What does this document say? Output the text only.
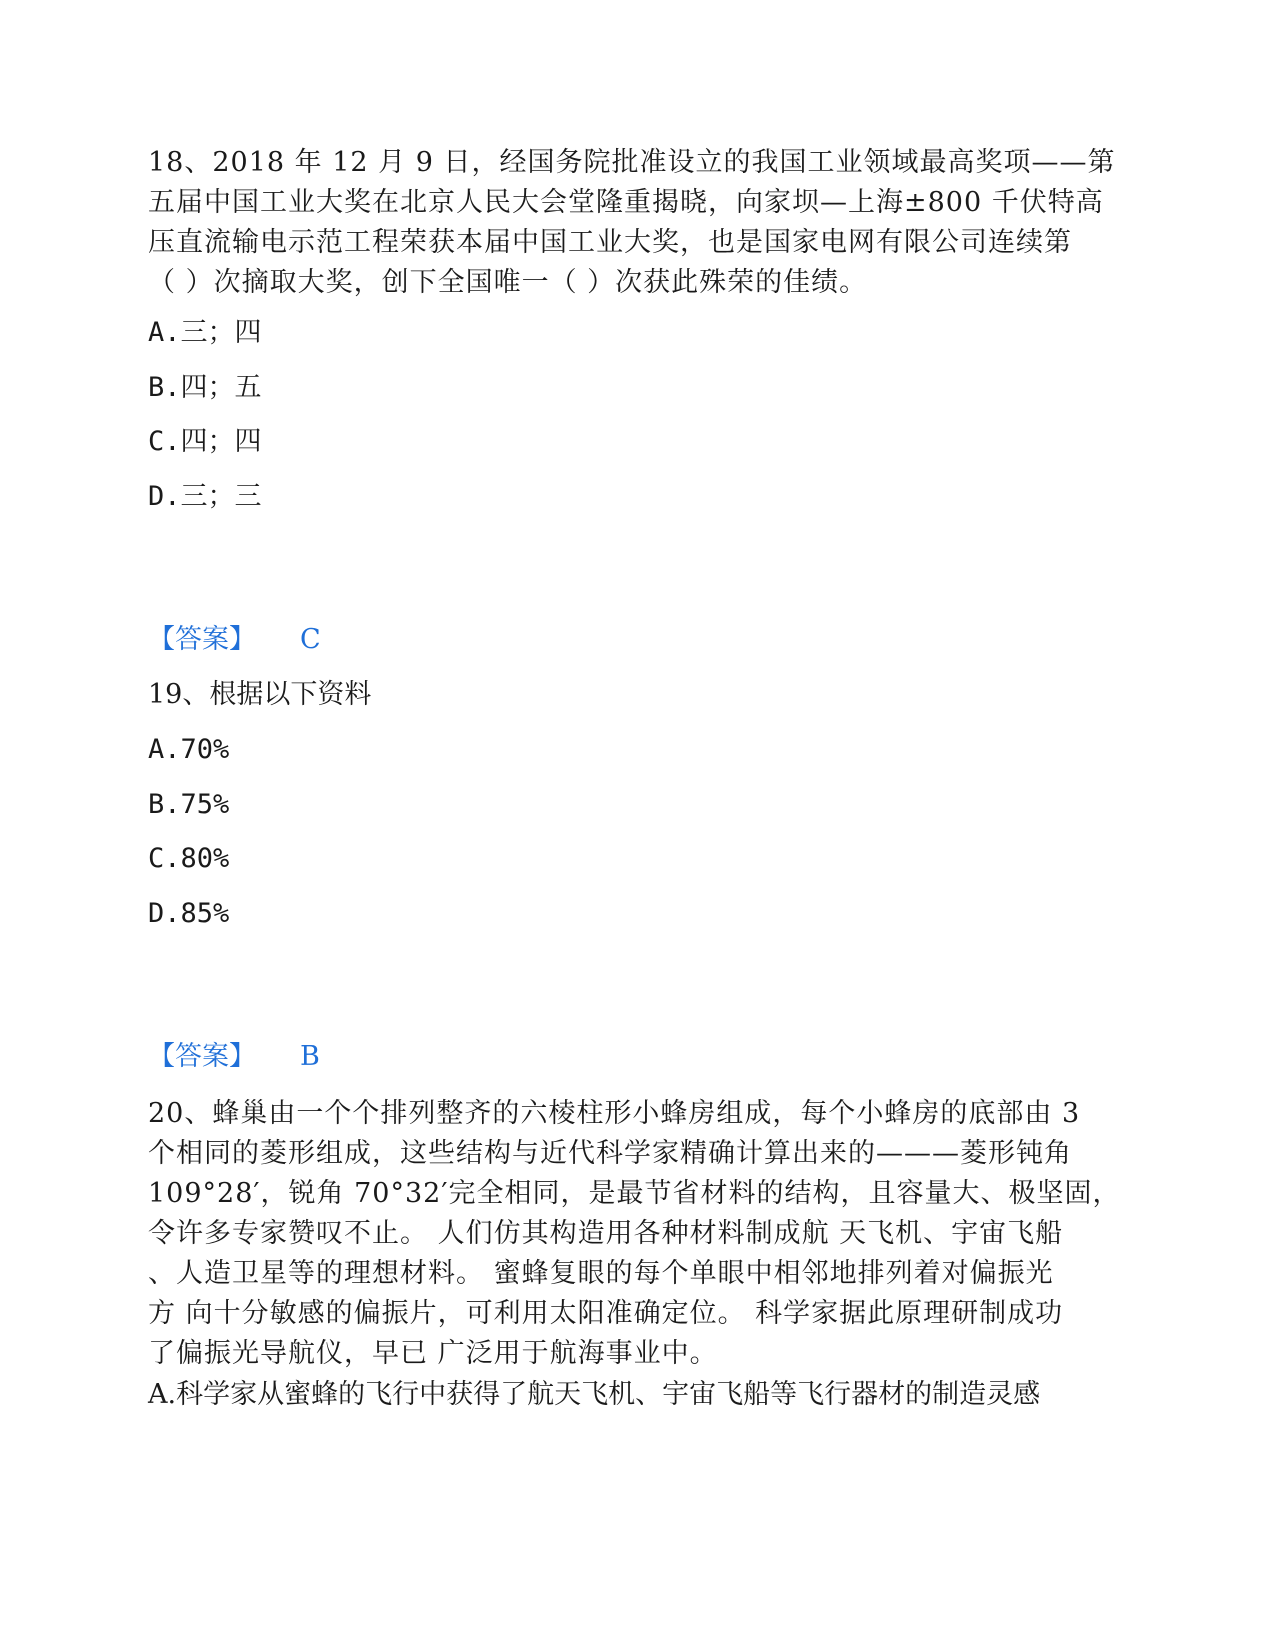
18、2018 年 12 月 9 日，经国务院批准设立的我国工业领域最高奖项——第
五届中国工业大奖在北京人民大会堂隆重揭晓，向家坝—上海±800 千伏特高
压直流输电示范工程荣获本届中国工业大奖，也是国家电网有限公司连续第
（ ）次摘取大奖，创下全国唯一（ ）次获此殊荣的佳绩。
A.三；四
B.四；五
C.四；四
D.三；三
【答案】 C
19、根据以下资料
A.70%
B.75%
C.80%
D.85%
【答案】 B
20、蜂巢由一个个排列整齐的六棱柱形小蜂房组成，每个小蜂房的底部由 3
个相同的菱形组成，这些结构与近代科学家精确计算出来的———菱形钝角
109°28′，锐角 70°32′完全相同，是最节省材料的结构，且容量大、极坚固，
令许多专家赞叹不止。 人们仿其构造用各种材料制成航 天飞机、宇宙飞船
、人造卫星等的理想材料。 蜜蜂复眼的每个单眼中相邻地排列着对偏振光
方 向十分敏感的偏振片，可利用太阳准确定位。 科学家据此原理研制成功
了偏振光导航仪，早已 广泛用于航海事业中。
A.科学家从蜜蜂的飞行中获得了航天飞机、宇宙飞船等飞行器材的制造灵感
